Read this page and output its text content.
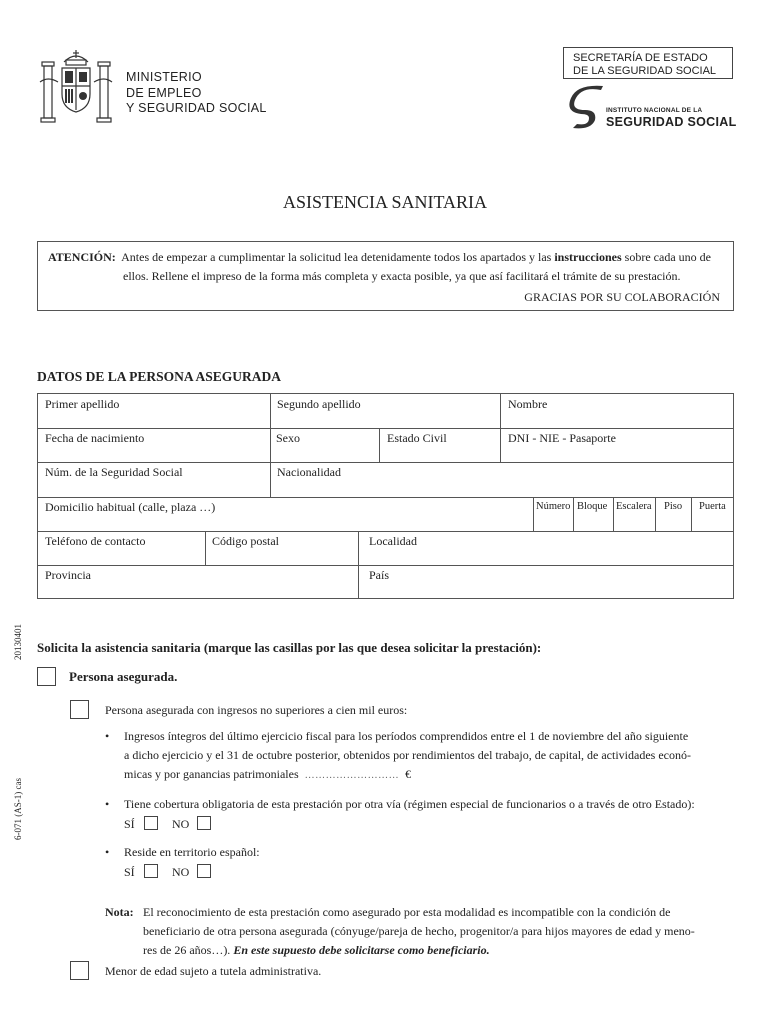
MINISTERIO
DE EMPLEO
Y SEGURIDAD SOCIAL
SECRETARÍA DE ESTADO
DE LA SEGURIDAD SOCIAL
INSTITUTO NACIONAL DE LA
SEGURIDAD SOCIAL
ASISTENCIA SANITARIA
ATENCIÓN: Antes de empezar a cumplimentar la solicitud lea detenidamente todos los apartados y las instrucciones sobre cada uno de
ellos. Rellene el impreso de la forma más completa y exacta posible, ya que así facilitará el trámite de su prestación.
GRACIAS POR SU COLABORACIÓN
DATOS DE LA PERSONA ASEGURADA
Primer apellido	Segundo apellido	Nombre
Fecha de nacimiento	Sexo	Estado Civil	DNI - NIE - Pasaporte
Núm. de la Seguridad Social	Nacionalidad
Domicilio habitual (calle, plaza …)	Número Bloque Escalera Piso Puerta
Teléfono de contacto	Código postal	Localidad
Provincia	País
20130401
6-071 (AS-1) cas
Solicita la asistencia sanitaria (marque las casillas por las que desea solicitar la prestación):
Persona asegurada.
Persona asegurada con ingresos no superiores a cien mil euros:
• Ingresos íntegros del último ejercicio fiscal para los períodos comprendidos entre el 1 de noviembre del año siguiente
a dicho ejercicio y el 31 de octubre posterior, obtenidos por rendimientos del trabajo, de capital, de actividades econó-
micas y por ganancias patrimoniales ……………………… €
• Tiene cobertura obligatoria de esta prestación por otra vía (régimen especial de funcionarios o a través de otro Estado):
SÍ	NO
• Reside en territorio español:
SÍ	NO
Nota: El reconocimiento de esta prestación como asegurado por esta modalidad es incompatible con la condición de
beneficiario de otra persona asegurada (cónyuge/pareja de hecho, progenitor/a para hijos mayores de edad y meno-
res de 26 años…). En este supuesto debe solicitarse como beneficiario.
Menor de edad sujeto a tutela administrativa.
